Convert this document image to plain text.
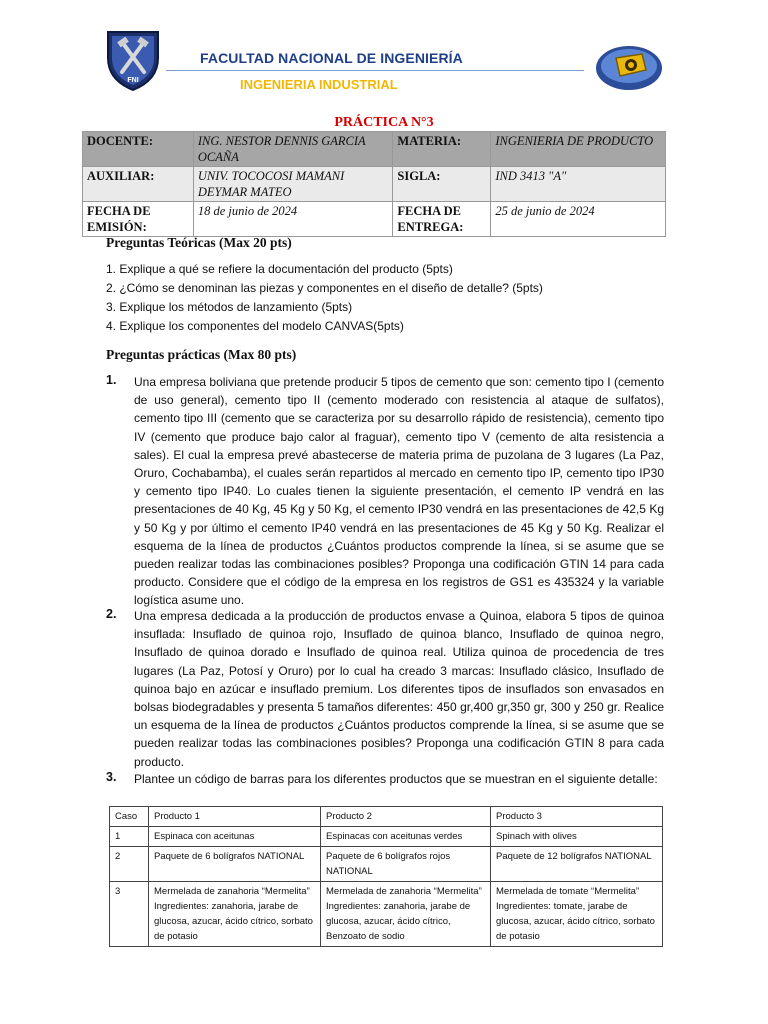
FNI
FACULTAD NACIONAL DE INGENIERÍA
INGENIERIA INDUSTRIAL
PRÁCTICA N°3
DOCENTE:	ING. NESTOR DENNIS GARCIA OCAÑA	MATERIA:	INGENIERIA DE PRODUCTO
AUXILIAR:	UNIV. TOCOCOSI MAMANI DEYMAR MATEO	SIGLA:	IND 3413 "A"
FECHA DE EMISIÓN:	18 de junio de 2024	FECHA DE ENTREGA:	25 de junio de 2024
Preguntas Teóricas (Max 20 pts)
1. Explique a qué se refiere la documentación del producto (5pts)
2. ¿Cómo se denominan las piezas y componentes en el diseño de detalle? (5pts)
3. Explique los métodos de lanzamiento (5pts)
4. Explique los componentes del modelo CANVAS(5pts)
Preguntas prácticas (Max 80 pts)
1. Una empresa boliviana que pretende producir 5 tipos de cemento que son: cemento tipo I (cemento de uso general), cemento tipo II (cemento moderado con resistencia al ataque de sulfatos), cemento tipo III (cemento que se caracteriza por su desarrollo rápido de resistencia), cemento tipo IV (cemento que produce bajo calor al fraguar), cemento tipo V (cemento de alta resistencia a sales). El cual la empresa prevé abastecerse de materia prima de puzolana de 3 lugares (La Paz, Oruro, Cochabamba), el cuales serán repartidos al mercado en cemento tipo IP, cemento tipo IP30 y cemento tipo IP40. Lo cuales tienen la siguiente presentación, el cemento IP vendrá en las presentaciones de 40 Kg, 45 Kg y 50 Kg, el cemento IP30 vendrá en las presentaciones de 42,5 Kg y 50 Kg y por último el cemento IP40 vendrá en las presentaciones de 45 Kg y 50 Kg. Realizar el esquema de la línea de productos ¿Cuántos productos comprende la línea, si se asume que se pueden realizar todas las combinaciones posibles? Proponga una codificación GTIN 14 para cada producto. Considere que el código de la empresa en los registros de GS1 es 435324 y la variable logística asume uno.
2. Una empresa dedicada a la producción de productos envase a Quinoa, elabora 5 tipos de quinoa insuflada: Insuflado de quinoa rojo, Insuflado de quinoa blanco, Insuflado de quinoa negro, Insuflado de quinoa dorado e Insuflado de quinoa real. Utiliza quinoa de procedencia de tres lugares (La Paz, Potosí y Oruro) por lo cual ha creado 3 marcas: Insuflado clásico, Insuflado de quinoa bajo en azúcar e insuflado premium. Los diferentes tipos de insuflados son envasados en bolsas biodegradables y presenta 5 tamaños diferentes: 450 gr,400 gr,350 gr, 300 y 250 gr. Realice un esquema de la línea de productos ¿Cuántos productos comprende la línea, si se asume que se pueden realizar todas las combinaciones posibles? Proponga una codificación GTIN 8 para cada producto.
3. Plantee un código de barras para los diferentes productos que se muestran en el siguiente detalle:
Caso	Producto 1	Producto 2	Producto 3
1	Espinaca con aceitunas	Espinacas con aceitunas verdes	Spinach with olives
2	Paquete de 6 bolígrafos NATIONAL	Paquete de 6 bolígrafos rojos NATIONAL	Paquete de 12 bolígrafos NATIONAL
3	Mermelada de zanahoria “Mermelita” Ingredientes: zanahoria, jarabe de glucosa, azucar, ácido cítrico, sorbato de potasio	Mermelada de zanahoria “Mermelita” Ingredientes: zanahoria, jarabe de glucosa, azucar, ácido cítrico, Benzoato de sodio	Mermelada de tomate “Mermelita” Ingredientes: tomate, jarabe de glucosa, azucar, ácido cítrico, sorbato de potasio
